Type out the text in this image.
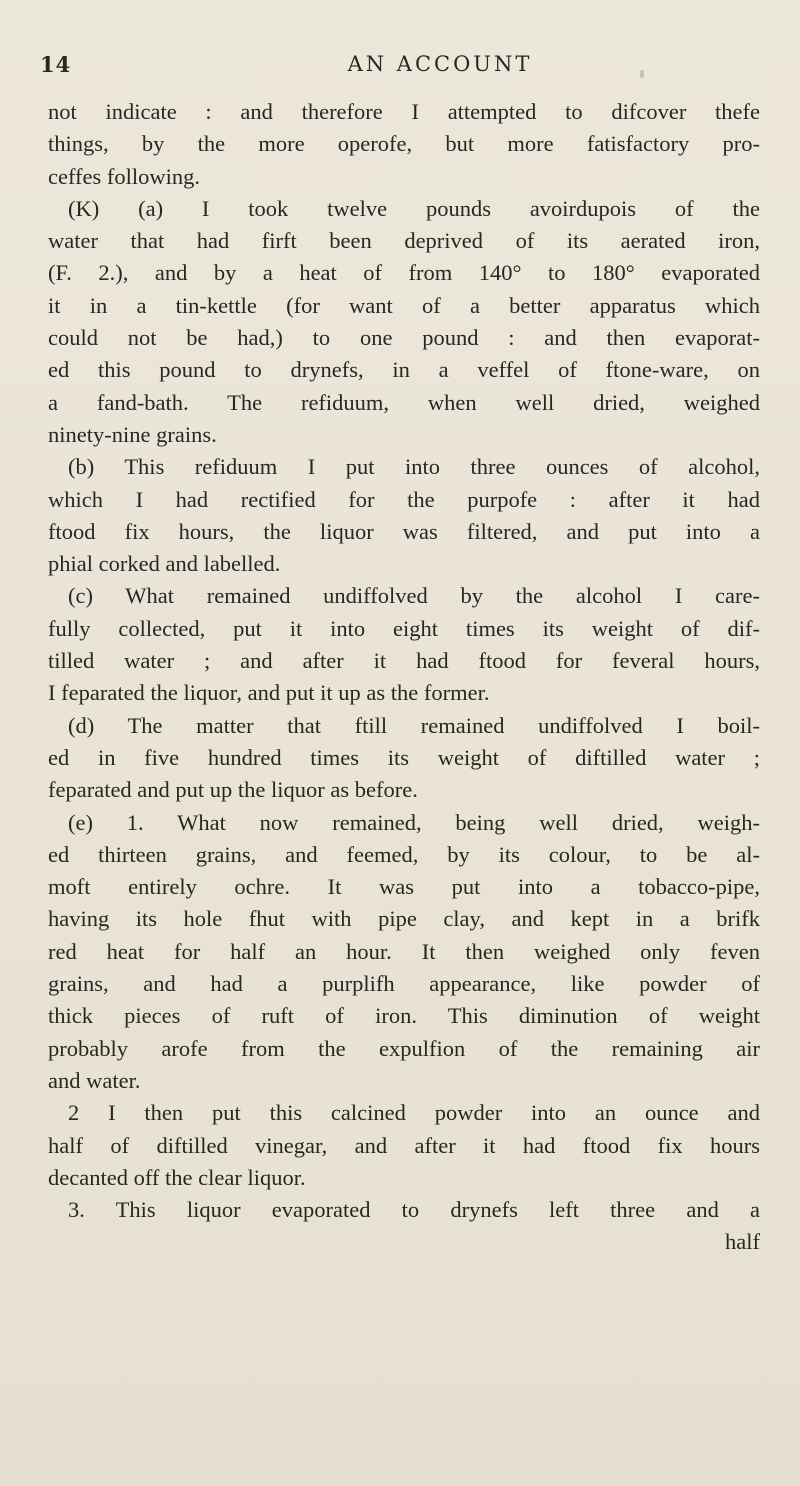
14	AN ACCOUNT
not indicate : and therefore I attempted to difcover thefe
things, by the more operofe, but more fatisfactory pro-
ceffes following.
(K) (a) I took twelve pounds avoirdupois of the
water that had firft been deprived of its aerated iron,
(F. 2.), and by a heat of from 140° to 180° evaporated
it in a tin-kettle (for want of a better apparatus which
could not be had,) to one pound : and then evaporat-
ed this pound to drynefs, in a veffel of ftone-ware, on
a fand-bath. The refiduum, when well dried, weighed
ninety-nine grains.
(b) This refiduum I put into three ounces of alcohol,
which I had rectified for the purpofe : after it had
ftood fix hours, the liquor was filtered, and put into a
phial corked and labelled.
(c) What remained undiffolved by the alcohol I care-
fully collected, put it into eight times its weight of dif-
tilled water ; and after it had ftood for feveral hours,
I feparated the liquor, and put it up as the former.
(d) The matter that ftill remained undiffolved I boil-
ed in five hundred times its weight of diftilled water ;
feparated and put up the liquor as before.
(e) 1. What now remained, being well dried, weigh-
ed thirteen grains, and feemed, by its colour, to be al-
moft entirely ochre. It was put into a tobacco-pipe,
having its hole fhut with pipe clay, and kept in a brifk
red heat for half an hour. It then weighed only feven
grains, and had a purplifh appearance, like powder of
thick pieces of ruft of iron. This diminution of weight
probably arofe from the expulfion of the remaining air
and water.
2 I then put this calcined powder into an ounce and
half of diftilled vinegar, and after it had ftood fix hours
decanted off the clear liquor.
3. This liquor evaporated to drynefs left three and a
half
